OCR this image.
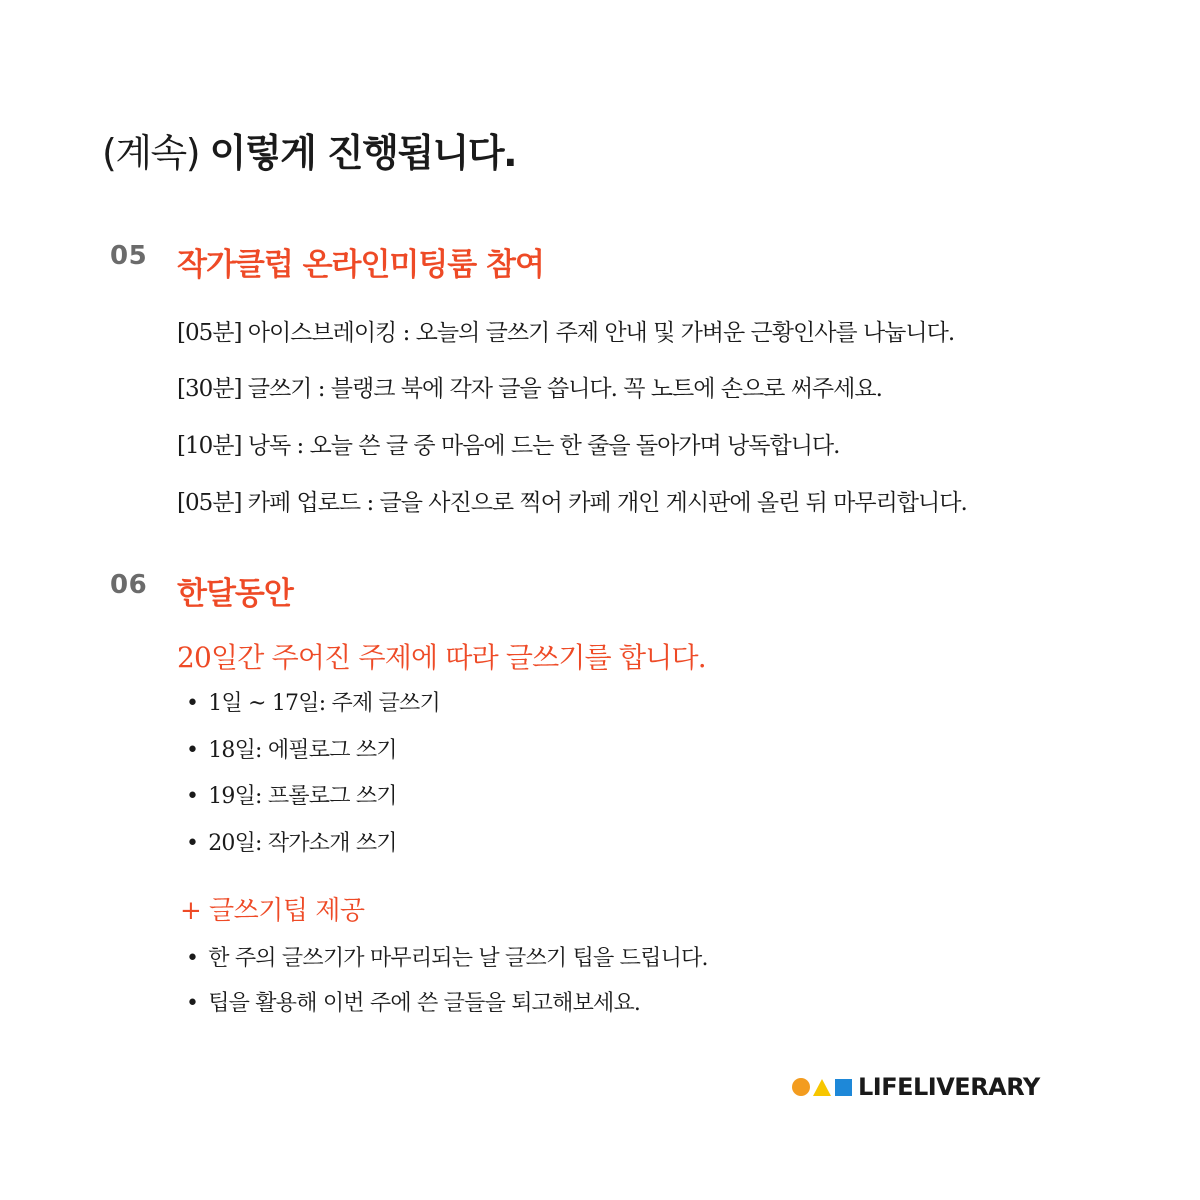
(계속) 이렇게 진행됩니다.
05 작가클럽 온라인미팅룸 참여
[05분] 아이스브레이킹 : 오늘의 글쓰기 주제 안내 및 가벼운 근황인사를 나눕니다.
[30분] 글쓰기 : 블랭크 북에 각자 글을 씁니다. 꼭 노트에 손으로 써주세요.
[10분] 낭독 : 오늘 쓴 글 중 마음에 드는 한 줄을 돌아가며 낭독합니다.
[05분] 카페 업로드 : 글을 사진으로 찍어 카페 개인 게시판에 올린 뒤 마무리합니다.
06 한달동안
20일간 주어진 주제에 따라 글쓰기를 합니다.
• 1일 ~ 17일: 주제 글쓰기
• 18일: 에필로그 쓰기
• 19일: 프롤로그 쓰기
• 20일: 작가소개 쓰기
+ 글쓰기팁 제공
• 한 주의 글쓰기가 마무리되는 날 글쓰기 팁을 드립니다.
• 팁을 활용해 이번 주에 쓴 글들을 퇴고해보세요.
LIFELIVERARY
